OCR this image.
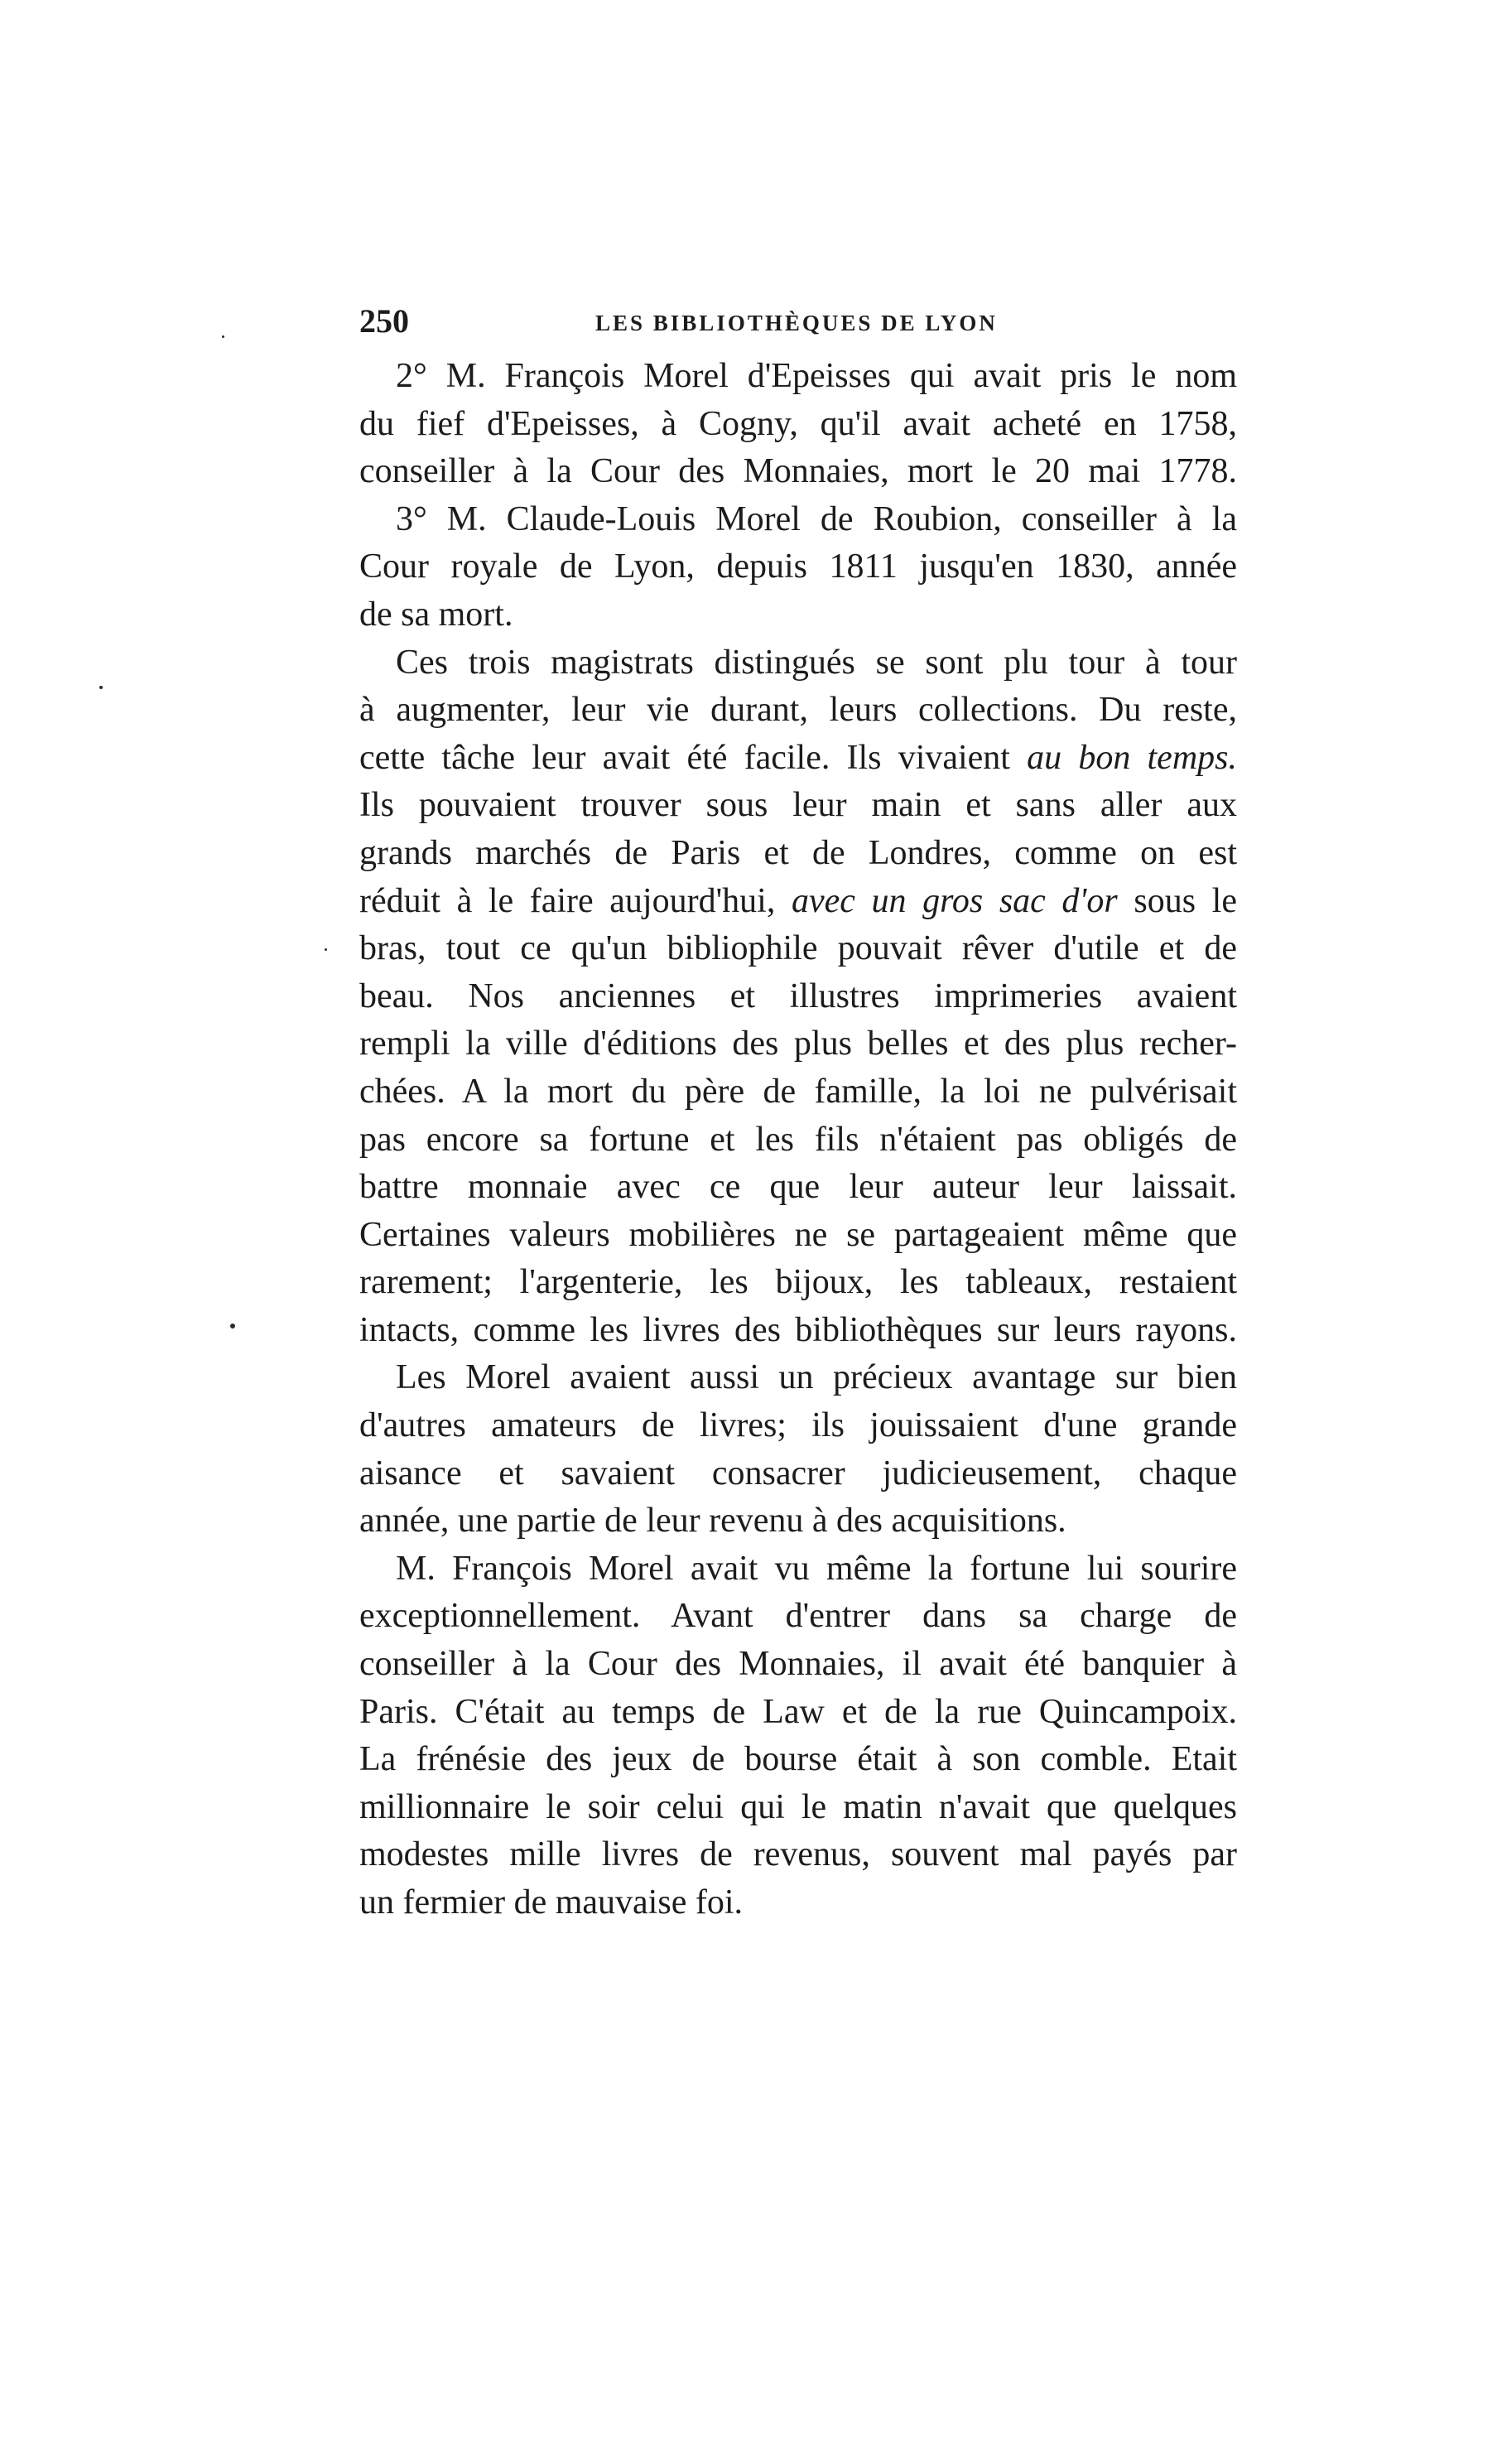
250	LES BIBLIOTHÈQUES DE LYON
2° M. François Morel d'Epeisses qui avait pris le nom
du fief d'Epeisses, à Cogny, qu'il avait acheté en 1758,
conseiller à la Cour des Monnaies, mort le 20 mai 1778.
3° M. Claude-Louis Morel de Roubion, conseiller à la
Cour royale de Lyon, depuis 1811 jusqu'en 1830, année
de sa mort.
Ces trois magistrats distingués se sont plu tour à tour
à augmenter, leur vie durant, leurs collections. Du reste,
cette tâche leur avait été facile. Ils vivaient au bon temps.
Ils pouvaient trouver sous leur main et sans aller aux
grands marchés de Paris et de Londres, comme on est
réduit à le faire aujourd'hui, avec un gros sac d'or sous le
bras, tout ce qu'un bibliophile pouvait rêver d'utile et de
beau. Nos anciennes et illustres imprimeries avaient
rempli la ville d'éditions des plus belles et des plus recher-
chées. A la mort du père de famille, la loi ne pulvérisait
pas encore sa fortune et les fils n'étaient pas obligés de
battre monnaie avec ce que leur auteur leur laissait.
Certaines valeurs mobilières ne se partageaient même que
rarement; l'argenterie, les bijoux, les tableaux, restaient
intacts, comme les livres des bibliothèques sur leurs rayons.
Les Morel avaient aussi un précieux avantage sur bien
d'autres amateurs de livres; ils jouissaient d'une grande
aisance et savaient consacrer judicieusement, chaque
année, une partie de leur revenu à des acquisitions.
M. François Morel avait vu même la fortune lui sourire
exceptionnellement. Avant d'entrer dans sa charge de
conseiller à la Cour des Monnaies, il avait été banquier à
Paris. C'était au temps de Law et de la rue Quincampoix.
La frénésie des jeux de bourse était à son comble. Etait
millionnaire le soir celui qui le matin n'avait que quelques
modestes mille livres de revenus, souvent mal payés par
un fermier de mauvaise foi.
